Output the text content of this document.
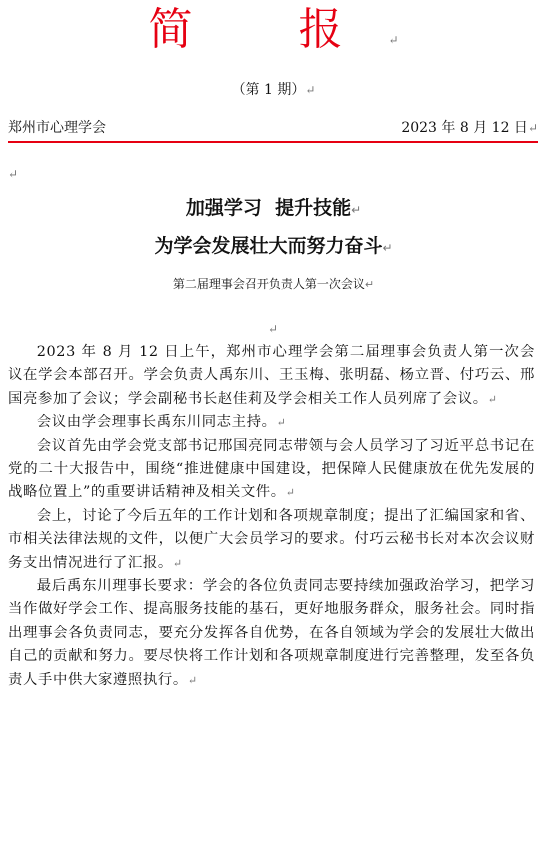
简 报↵
（第 1 期）↵
郑州市心理学会	2023 年 8 月 12 日↵
↵
加强学习  提升技能↵
为学会发展壮大而努力奋斗↵
第二届理事会召开负责人第一次会议↵
↵

2023 年 8 月 12 日上午，郑州市心理学会第二届理事会负责人第一次会议在学会本部召开。学会负责人禹东川、王玉梅、张明磊、杨立晋、付巧云、邢国亮参加了会议；学会副秘书长赵佳莉及学会相关工作人员列席了会议。↵

会议由学会理事长禹东川同志主持。↵

会议首先由学会党支部书记邢国亮同志带领与会人员学习了习近平总书记在党的二十大报告中，围绕“推进健康中国建设，把保障人民健康放在优先发展的战略位置上”的重要讲话精神及相关文件。↵

会上，讨论了今后五年的工作计划和各项规章制度；提出了汇编国家和省、市相关法律法规的文件，以便广大会员学习的要求。付巧云秘书长对本次会议财务支出情况进行了汇报。↵

最后禹东川理事长要求：学会的各位负责同志要持续加强政治学习，把学习当作做好学会工作、提高服务技能的基石，更好地服务群众，服务社会。同时指出理事会各负责同志，要充分发挥各自优势，在各自领域为学会的发展壮大做出自己的贡献和努力。要尽快将工作计划和各项规章制度进行完善整理，发至各负责人手中供大家遵照执行。↵
